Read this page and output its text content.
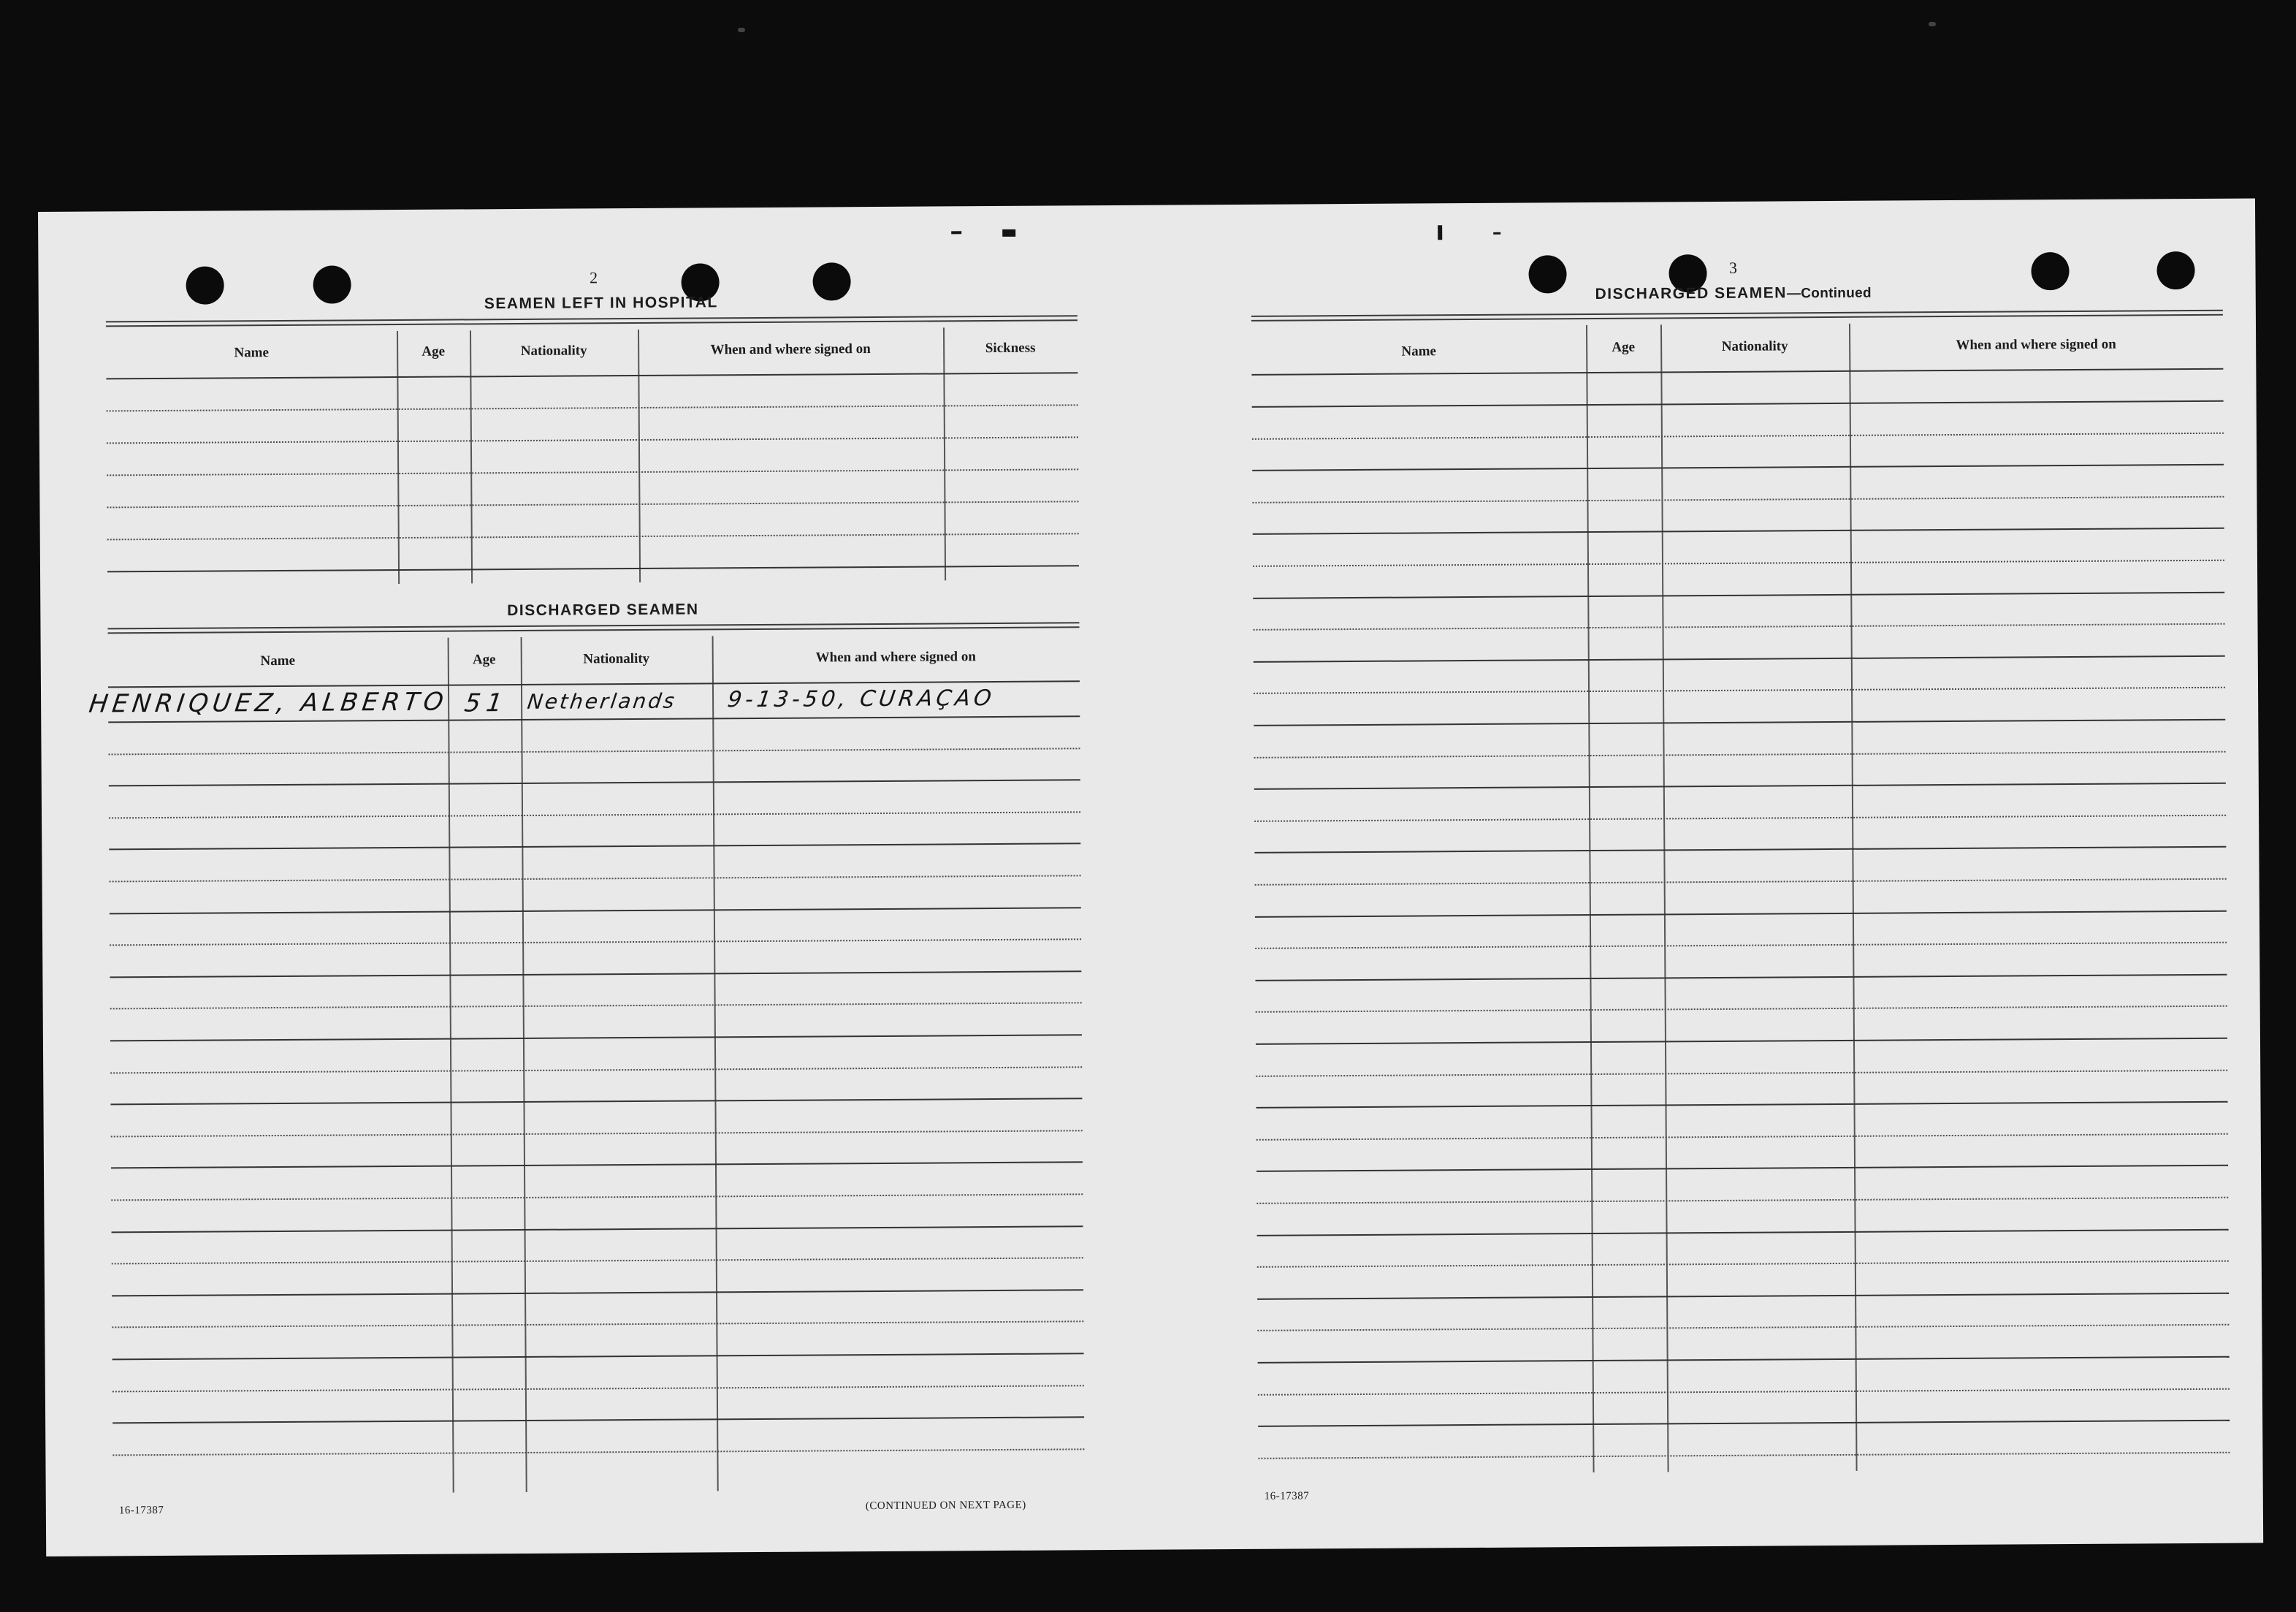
2
SEAMEN LEFT IN HOSPITAL
Name	Age	Nationality	When and where signed on	Sickness
DISCHARGED SEAMEN
Name	Age	Nationality	When and where signed on
HENRIQUEZ, ALBERTO 51 Netherlands 9-13-50, CURAÇAO
16-17387	(CONTINUED ON NEXT PAGE)
3
DISCHARGED SEAMEN—Continued
Name	Age	Nationality	When and where signed on
16-17387
